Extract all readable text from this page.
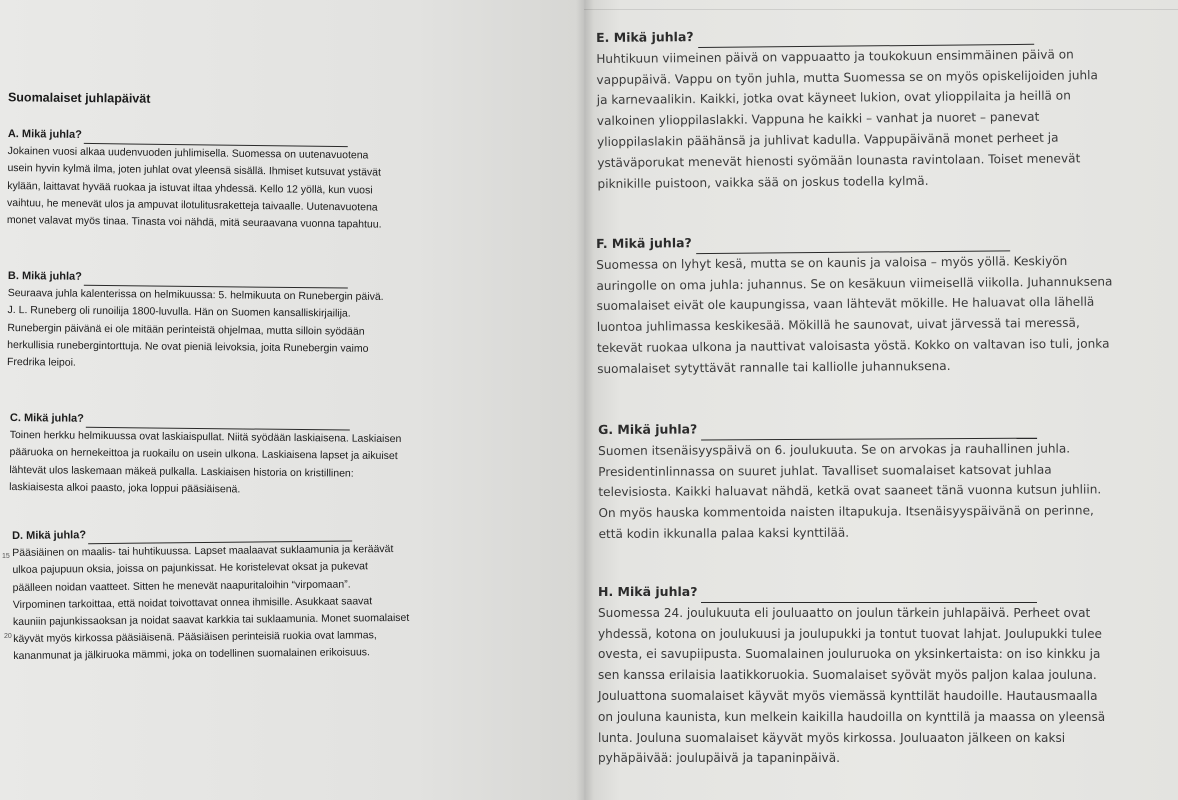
Suomalaiset juhlapäivät
A. Mikä juhla?

Jokainen vuosi alkaa uudenvuoden juhlimisella. Suomessa on uutenavuotena
usein hyvin kylmä ilma, joten juhlat ovat yleensä sisällä. Ihmiset kutsuvat ystävät
kylään, laittavat hyvää ruokaa ja istuvat iltaa yhdessä. Kello 12 yöllä, kun vuosi
vaihtuu, he menevät ulos ja ampuvat ilotulitusraketteja taivaalle. Uutenavuotena
monet valavat myös tinaa. Tinasta voi nähdä, mitä seuraavana vuonna tapahtuu.

B. Mikä juhla?

Seuraava juhla kalenterissa on helmikuussa: 5. helmikuuta on Runebergin päivä.
J. L. Runeberg oli runoilija 1800-luvulla. Hän on Suomen kansalliskirjailija.
Runebergin päivänä ei ole mitään perinteistä ohjelmaa, mutta silloin syödään
herkullisia runebergintorttuja. Ne ovat pieniä leivoksia, joita Runebergin vaimo
Fredrika leipoi.

C. Mikä juhla?

Toinen herkku helmikuussa ovat laskiaispullat. Niitä syödään laskiaisena. Laskiaisen
pääruoka on hernekeittoa ja ruokailu on usein ulkona. Laskiaisena lapset ja aikuiset
lähtevät ulos laskemaan mäkeä pulkalla. Laskiaisen historia on kristillinen:
laskiaisesta alkoi paasto, joka loppui pääsiäisenä.

D. Mikä juhla?

Pääsiäinen on maalis- tai huhtikuussa. Lapset maalaavat suklaamunia ja keräävät
ulkoa pajupuun oksia, joissa on pajunkissat. He koristelevat oksat ja pukevat
päälleen noidan vaatteet. Sitten he menevät naapuritaloihin “virpomaan”.
Virpominen tarkoittaa, että noidat toivottavat onnea ihmisille. Asukkaat saavat
kauniin pajunkissaoksan ja noidat saavat karkkia tai suklaamunia. Monet suomalaiset
käyvät myös kirkossa pääsiäisenä. Pääsiäisen perinteisiä ruokia ovat lammas,
kananmunat ja jälkiruoka mämmi, joka on todellinen suomalainen erikoisuus.

15
20
E. Mikä juhla?

Huhtikuun viimeinen päivä on vappuaatto ja toukokuun ensimmäinen päivä on
vappupäivä. Vappu on työn juhla, mutta Suomessa se on myös opiskelijoiden juhla
ja karnevaalikin. Kaikki, jotka ovat käyneet lukion, ovat ylioppilaita ja heillä on
valkoinen ylioppilaslakki. Vappuna he kaikki – vanhat ja nuoret – panevat
ylioppilaslakin päähänsä ja juhlivat kadulla. Vappupäivänä monet perheet ja
ystäväporukat menevät hienosti syömään lounasta ravintolaan. Toiset menevät
piknikille puistoon, vaikka sää on joskus todella kylmä.

F. Mikä juhla?

Suomessa on lyhyt kesä, mutta se on kaunis ja valoisa – myös yöllä. Keskiyön
auringolle on oma juhla: juhannus. Se on kesäkuun viimeisellä viikolla. Juhannuksena
suomalaiset eivät ole kaupungissa, vaan lähtevät mökille. He haluavat olla lähellä
luontoa juhlimassa keskikesää. Mökillä he saunovat, uivat järvessä tai meressä,
tekevät ruokaa ulkona ja nauttivat valoisasta yöstä. Kokko on valtavan iso tuli, jonka
suomalaiset sytyttävät rannalle tai kalliolle juhannuksena.

G. Mikä juhla?

Suomen itsenäisyyspäivä on 6. joulukuuta. Se on arvokas ja rauhallinen juhla.
Presidentinlinnassa on suuret juhlat. Tavalliset suomalaiset katsovat juhlaa
televisiosta. Kaikki haluavat nähdä, ketkä ovat saaneet tänä vuonna kutsun juhliin.
On myös hauska kommentoida naisten iltapukuja. Itsenäisyyspäivänä on perinne,
että kodin ikkunalla palaa kaksi kynttilää.

H. Mikä juhla?

Suomessa 24. joulukuuta eli jouluaatto on joulun tärkein juhlapäivä. Perheet ovat
yhdessä, kotona on joulukuusi ja joulupukki ja tontut tuovat lahjat. Joulupukki tulee
ovesta, ei savupiipusta. Suomalainen jouluruoka on yksinkertaista: on iso kinkku ja
sen kanssa erilaisia laatikkoruokia. Suomalaiset syövät myös paljon kalaa jouluna.
Jouluattona suomalaiset käyvät myös viemässä kynttilät haudoille. Hautausmaalla
on jouluna kaunista, kun melkein kaikilla haudoilla on kynttilä ja maassa on yleensä
lunta. Jouluna suomalaiset käyvät myös kirkossa. Jouluaaton jälkeen on kaksi
pyhäpäivää: joulupäivä ja tapaninpäivä.
